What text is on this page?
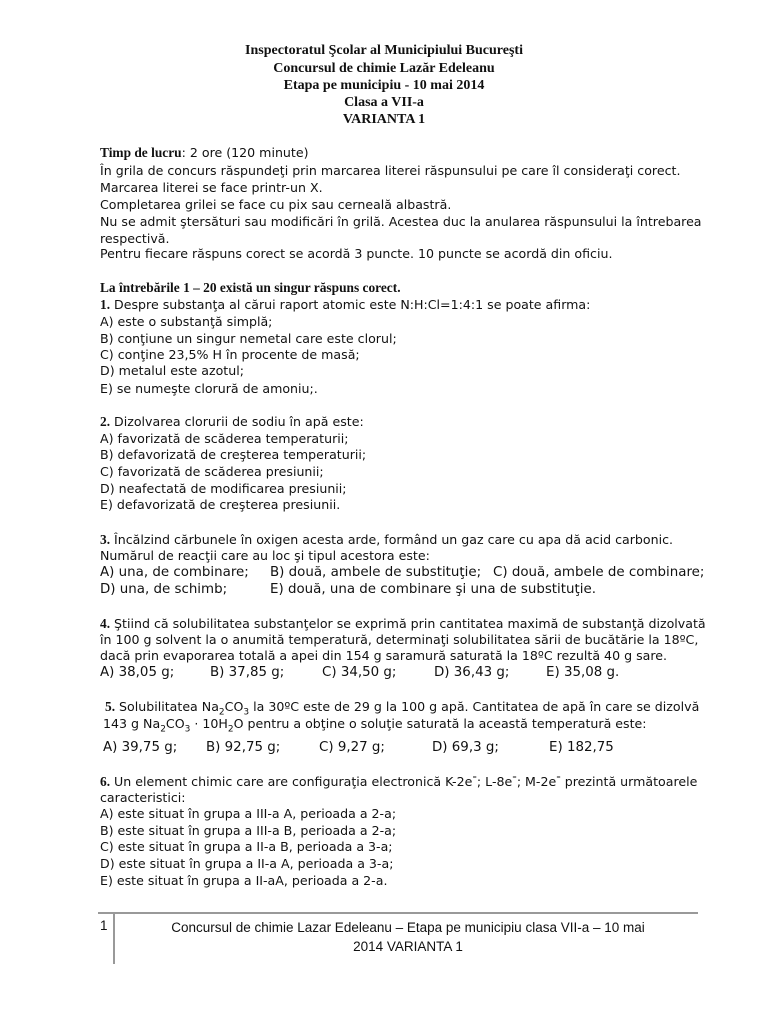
Inspectoratul Şcolar al Municipiului Bucureşti
Concursul de chimie Lazăr Edeleanu
Etapa pe municipiu - 10 mai 2014
Clasa a VII-a
VARIANTA 1
Timp de lucru: 2 ore (120 minute)
În grila de concurs răspundeţi prin marcarea literei răspunsului pe care îl consideraţi corect.
Marcarea literei se face printr-un X.
Completarea grilei se face cu pix sau cerneală albastră.
Nu se admit ştersături sau modificări în grilă. Acestea duc la anularea răspunsului la întrebarea
respectivă.
Pentru fiecare răspuns corect se acordă 3 puncte. 10 puncte se acordă din oficiu.
La întrebările 1 – 20 există un singur răspuns corect.
1. Despre substanţa al cărui raport atomic este N:H:Cl=1:4:1 se poate afirma:
A) este o substanţă simplă;
B) conţiune un singur nemetal care este clorul;
C) conţine 23,5% H în procente de masă;
D) metalul este azotul;
E) se numeşte clorură de amoniu;.
2. Dizolvarea clorurii de sodiu în apă este:
A) favorizată de scăderea temperaturii;
B) defavorizată de creşterea temperaturii;
C) favorizată de scăderea presiunii;
D) neafectată de modificarea presiunii;
E) defavorizată de creşterea presiunii.
3. Încălzind cărbunele în oxigen acesta arde, formând un gaz care cu apa dă acid carbonic.
Numărul de reacţii care au loc şi tipul acestora este:
A) una, de combinare; B) două, ambele de substituţie; C) două, ambele de combinare;
D) una, de schimb;	E) două, una de combinare şi una de substituţie.
4. Ştiind că solubilitatea substanţelor se exprimă prin cantitatea maximă de substanţă dizolvată
în 100 g solvent la o anumită temperatură, determinaţi solubilitatea sării de bucătărie la 18ºC,
dacă prin evaporarea totală a apei din 154 g saramură saturată la 18ºC rezultă 40 g sare.
A) 38,05 g;	B) 37,85 g;	C) 34,50 g;	D) 36,43 g;	E) 35,08 g.
5. Solubilitatea $Na_2CO_3$ la 30ºC este de 29 g la 100 g apă. Cantitatea de apă în care se dizolvă
143 g $Na_2CO_3 \cdot 10H_2O$ pentru a obţine o soluţie saturată la această temperatură este:
A) 39,75 g; B) 92,75 g;	C) 9,27 g;	D) 69,3 g;	E) 182,75
6. Un element chimic care are configuraţia electronică K-2e-; L-8e-; M-2e- prezintă următoarele
caracteristici:
A) este situat în grupa a III-a A, perioada a 2-a;
B) este situat în grupa a III-a B, perioada a 2-a;
C) este situat în grupa a II-a B, perioada a 3-a;
D) este situat în grupa a II-a A, perioada a 3-a;
E) este situat în grupa a II-aA, perioada a 2-a.
1	Concursul de chimie Lazar Edeleanu – Etapa pe municipiu clasa VII-a – 10 mai
2014 VARIANTA 1
